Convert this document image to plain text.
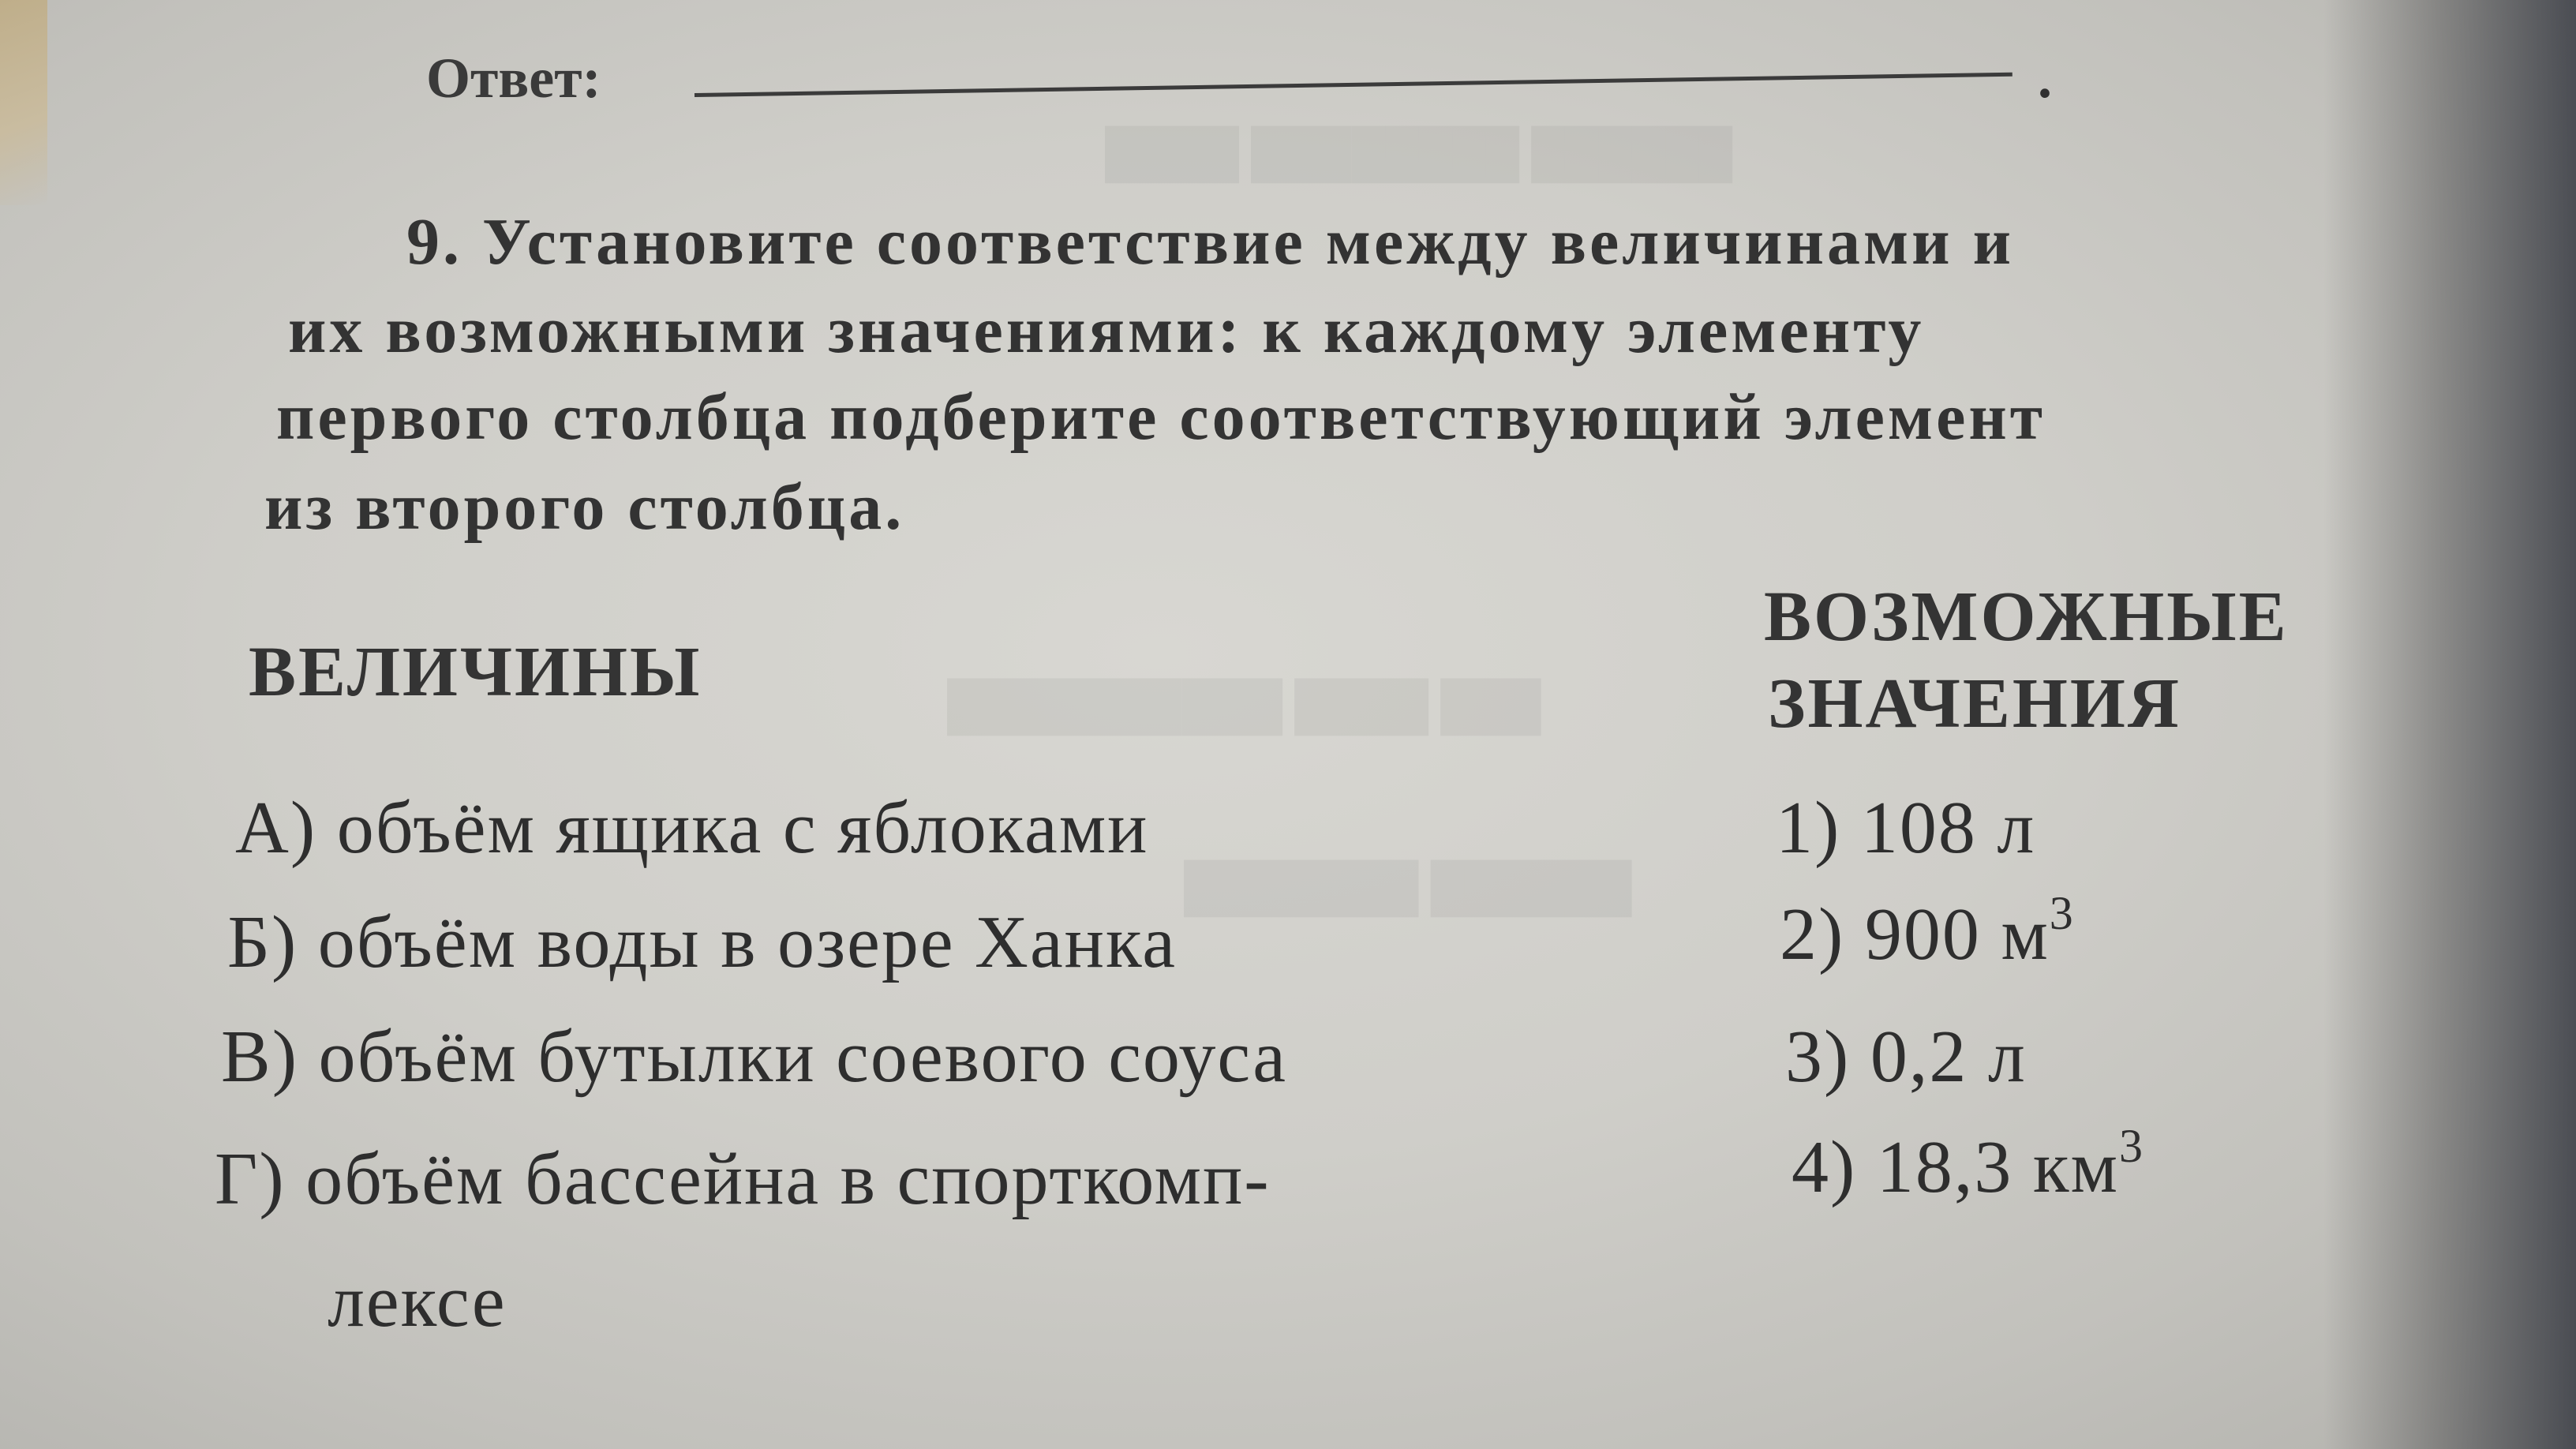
████ ████████ ██████
██████████ ████ ███
███████ ██████
Ответ:	.
9. Установите соответствие между величинами и
их возможными значениями: к каждому элементу
первого столбца подберите соответствующий элемент
из второго столбца.
ВЕЛИЧИНЫ
ВОЗМОЖНЫЕ
ЗНАЧЕНИЯ
А) объём ящика с яблоками
Б) объём воды в озере Ханка
В) объём бутылки соевого соуса
Г) объём бассейна в спорткомп-
лексе
1) 108 л
2) 900 $м^3$
3) 0,2 л
4) 18,3 $км^3$
